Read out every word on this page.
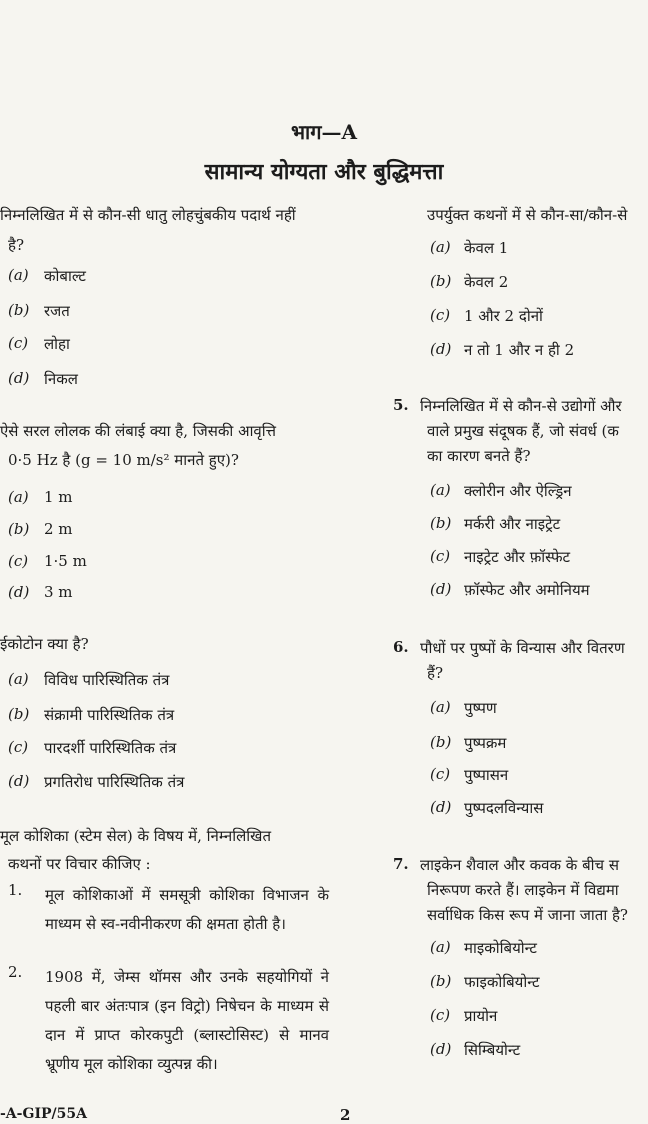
भाग—A
सामान्य योग्यता और बुद्धिमत्ता
निम्नलिखित में से कौन-सी धातु लोहचुंबकीय पदार्थ नहीं
है?
(a) कोबाल्ट
(b) रजत
(c) लोहा
(d) निकल
ऐसे सरल लोलक की लंबाई क्या है, जिसकी आवृत्ति
0·5 Hz है (g = 10 m/s² मानते हुए)?
(a) 1 m
(b) 2 m
(c) 1·5 m
(d) 3 m
ईकोटोन क्या है?
(a) विविध पारिस्थितिक तंत्र
(b) संक्रामी पारिस्थितिक तंत्र
(c) पारदर्शी पारिस्थितिक तंत्र
(d) प्रगतिरोध पारिस्थितिक तंत्र
मूल कोशिका (स्टेम सेल) के विषय में, निम्नलिखित
कथनों पर विचार कीजिए :
1. मूल कोशिकाओं में समसूत्री कोशिका विभाजन के माध्यम से स्व-नवीनीकरण की क्षमता होती है।
2. 1908 में, जेम्स थॉमस और उनके सहयोगियों ने पहली बार अंतःपात्र (इन विट्रो) निषेचन के माध्यम से दान में प्राप्त कोरकपुटी (ब्लास्टोसिस्ट) से मानव भ्रूणीय मूल कोशिका व्युत्पन्न की।
उपर्युक्त कथनों में से कौन-सा/कौन-से
(a) केवल 1
(b) केवल 2
(c) 1 और 2 दोनों
(d) न तो 1 और न ही 2
5. निम्नलिखित में से कौन-से उद्योगों और
वाले प्रमुख संदूषक हैं, जो संवर्ध (क
का कारण बनते हैं?
(a) क्लोरीन और ऐल्ड्रिन
(b) मर्करी और नाइट्रेट
(c) नाइट्रेट और फ़ॉस्फेट
(d) फ़ॉस्फेट और अमोनियम
6. पौधों पर पुष्पों के विन्यास और वितरण
हैं?
(a) पुष्पण
(b) पुष्पक्रम
(c) पुष्पासन
(d) पुष्पदलविन्यास
7. लाइकेन शैवाल और कवक के बीच स
निरूपण करते हैं। लाइकेन में विद्यमा
सर्वाधिक किस रूप में जाना जाता है?
(a) माइकोबियोन्ट
(b) फाइकोबियोन्ट
(c) प्रायोन
(d) सिम्बियोन्ट
-A-GIP/55A	2
